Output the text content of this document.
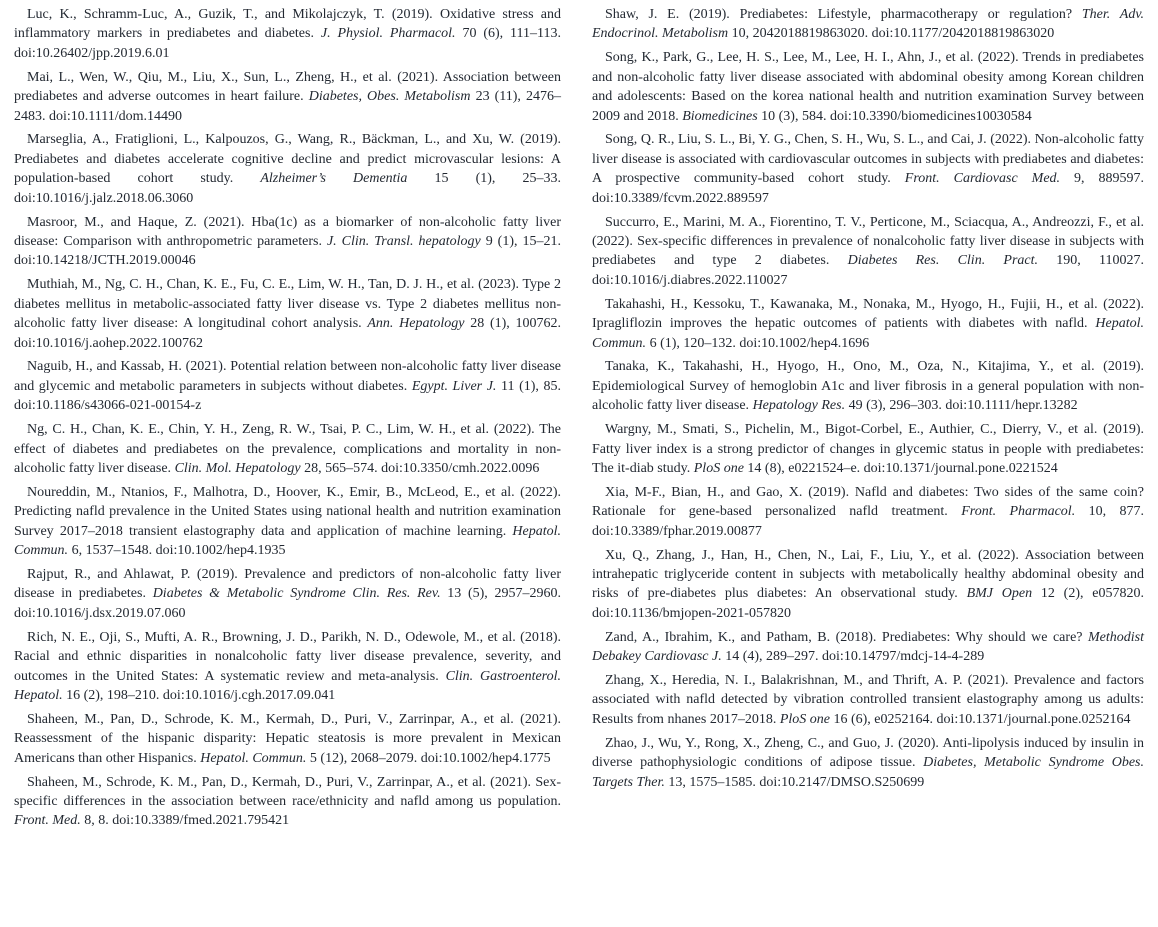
Luc, K., Schramm-Luc, A., Guzik, T., and Mikolajczyk, T. (2019). Oxidative stress and inflammatory markers in prediabetes and diabetes. J. Physiol. Pharmacol. 70 (6), 111–113. doi:10.26402/jpp.2019.6.01

Mai, L., Wen, W., Qiu, M., Liu, X., Sun, L., Zheng, H., et al. (2021). Association between prediabetes and adverse outcomes in heart failure. Diabetes, Obes. Metabolism 23 (11), 2476–2483. doi:10.1111/dom.14490

Marseglia, A., Fratiglioni, L., Kalpouzos, G., Wang, R., Bäckman, L., and Xu, W. (2019). Prediabetes and diabetes accelerate cognitive decline and predict microvascular lesions: A population-based cohort study. Alzheimer’s Dementia 15 (1), 25–33. doi:10.1016/j.jalz.2018.06.3060

Masroor, M., and Haque, Z. (2021). Hba(1c) as a biomarker of non-alcoholic fatty liver disease: Comparison with anthropometric parameters. J. Clin. Transl. hepatology 9 (1), 15–21. doi:10.14218/JCTH.2019.00046

Muthiah, M., Ng, C. H., Chan, K. E., Fu, C. E., Lim, W. H., Tan, D. J. H., et al. (2023). Type 2 diabetes mellitus in metabolic-associated fatty liver disease vs. Type 2 diabetes mellitus non-alcoholic fatty liver disease: A longitudinal cohort analysis. Ann. Hepatology 28 (1), 100762. doi:10.1016/j.aohep.2022.100762

Naguib, H., and Kassab, H. (2021). Potential relation between non-alcoholic fatty liver disease and glycemic and metabolic parameters in subjects without diabetes. Egypt. Liver J. 11 (1), 85. doi:10.1186/s43066-021-00154-z

Ng, C. H., Chan, K. E., Chin, Y. H., Zeng, R. W., Tsai, P. C., Lim, W. H., et al. (2022). The effect of diabetes and prediabetes on the prevalence, complications and mortality in non-alcoholic fatty liver disease. Clin. Mol. Hepatology 28, 565–574. doi:10.3350/cmh.2022.0096

Noureddin, M., Ntanios, F., Malhotra, D., Hoover, K., Emir, B., McLeod, E., et al. (2022). Predicting nafld prevalence in the United States using national health and nutrition examination Survey 2017–2018 transient elastography data and application of machine learning. Hepatol. Commun. 6, 1537–1548. doi:10.1002/hep4.1935

Rajput, R., and Ahlawat, P. (2019). Prevalence and predictors of non-alcoholic fatty liver disease in prediabetes. Diabetes & Metabolic Syndrome Clin. Res. Rev. 13 (5), 2957–2960. doi:10.1016/j.dsx.2019.07.060

Rich, N. E., Oji, S., Mufti, A. R., Browning, J. D., Parikh, N. D., Odewole, M., et al. (2018). Racial and ethnic disparities in nonalcoholic fatty liver disease prevalence, severity, and outcomes in the United States: A systematic review and meta-analysis. Clin. Gastroenterol. Hepatol. 16 (2), 198–210. doi:10.1016/j.cgh.2017.09.041

Shaheen, M., Pan, D., Schrode, K. M., Kermah, D., Puri, V., Zarrinpar, A., et al. (2021). Reassessment of the hispanic disparity: Hepatic steatosis is more prevalent in Mexican Americans than other Hispanics. Hepatol. Commun. 5 (12), 2068–2079. doi:10.1002/hep4.1775

Shaheen, M., Schrode, K. M., Pan, D., Kermah, D., Puri, V., Zarrinpar, A., et al. (2021). Sex-specific differences in the association between race/ethnicity and nafld among us population. Front. Med. 8, 8. doi:10.3389/fmed.2021.795421

Shaw, J. E. (2019). Prediabetes: Lifestyle, pharmacotherapy or regulation? Ther. Adv. Endocrinol. Metabolism 10, 2042018819863020. doi:10.1177/2042018819863020

Song, K., Park, G., Lee, H. S., Lee, M., Lee, H. I., Ahn, J., et al. (2022). Trends in prediabetes and non-alcoholic fatty liver disease associated with abdominal obesity among Korean children and adolescents: Based on the korea national health and nutrition examination Survey between 2009 and 2018. Biomedicines 10 (3), 584. doi:10.3390/biomedicines10030584

Song, Q. R., Liu, S. L., Bi, Y. G., Chen, S. H., Wu, S. L., and Cai, J. (2022). Non-alcoholic fatty liver disease is associated with cardiovascular outcomes in subjects with prediabetes and diabetes: A prospective community-based cohort study. Front. Cardiovasc Med. 9, 889597. doi:10.3389/fcvm.2022.889597

Succurro, E., Marini, M. A., Fiorentino, T. V., Perticone, M., Sciacqua, A., Andreozzi, F., et al. (2022). Sex-specific differences in prevalence of nonalcoholic fatty liver disease in subjects with prediabetes and type 2 diabetes. Diabetes Res. Clin. Pract. 190, 110027. doi:10.1016/j.diabres.2022.110027

Takahashi, H., Kessoku, T., Kawanaka, M., Nonaka, M., Hyogo, H., Fujii, H., et al. (2022). Ipragliflozin improves the hepatic outcomes of patients with diabetes with nafld. Hepatol. Commun. 6 (1), 120–132. doi:10.1002/hep4.1696

Tanaka, K., Takahashi, H., Hyogo, H., Ono, M., Oza, N., Kitajima, Y., et al. (2019). Epidemiological Survey of hemoglobin A1c and liver fibrosis in a general population with non-alcoholic fatty liver disease. Hepatology Res. 49 (3), 296–303. doi:10.1111/hepr.13282

Wargny, M., Smati, S., Pichelin, M., Bigot-Corbel, E., Authier, C., Dierry, V., et al. (2019). Fatty liver index is a strong predictor of changes in glycemic status in people with prediabetes: The it-diab study. PloS one 14 (8), e0221524–e. doi:10.1371/journal.pone.0221524

Xia, M-F., Bian, H., and Gao, X. (2019). Nafld and diabetes: Two sides of the same coin? Rationale for gene-based personalized nafld treatment. Front. Pharmacol. 10, 877. doi:10.3389/fphar.2019.00877

Xu, Q., Zhang, J., Han, H., Chen, N., Lai, F., Liu, Y., et al. (2022). Association between intrahepatic triglyceride content in subjects with metabolically healthy abdominal obesity and risks of pre-diabetes plus diabetes: An observational study. BMJ Open 12 (2), e057820. doi:10.1136/bmjopen-2021-057820

Zand, A., Ibrahim, K., and Patham, B. (2018). Prediabetes: Why should we care? Methodist Debakey Cardiovasc J. 14 (4), 289–297. doi:10.14797/mdcj-14-4-289

Zhang, X., Heredia, N. I., Balakrishnan, M., and Thrift, A. P. (2021). Prevalence and factors associated with nafld detected by vibration controlled transient elastography among us adults: Results from nhanes 2017–2018. PloS one 16 (6), e0252164. doi:10.1371/journal.pone.0252164

Zhao, J., Wu, Y., Rong, X., Zheng, C., and Guo, J. (2020). Anti-lipolysis induced by insulin in diverse pathophysiologic conditions of adipose tissue. Diabetes, Metabolic Syndrome Obes. Targets Ther. 13, 1575–1585. doi:10.2147/DMSO.S250699
